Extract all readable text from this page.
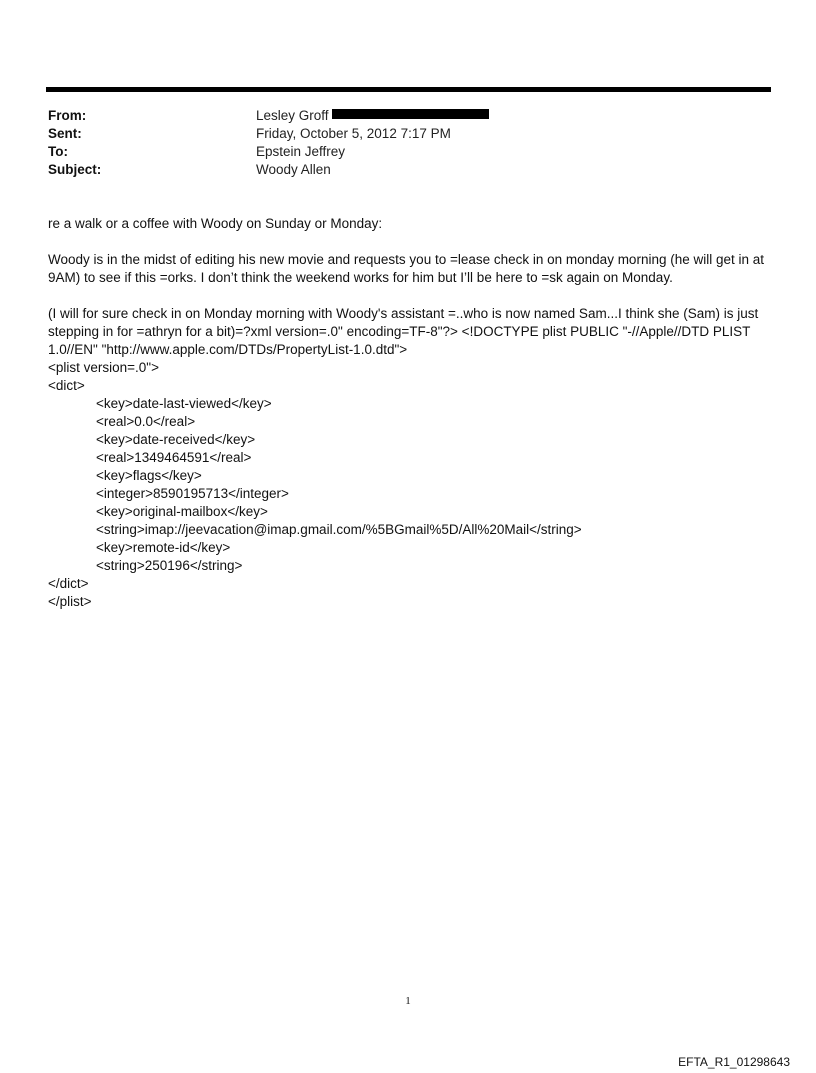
From:	Lesley Groff
Sent:	Friday, October 5, 2012 7:17 PM
To:	Epstein Jeffrey
Subject:	Woody Allen

re a walk or a coffee with Woody on Sunday or Monday:

Woody is in the midst of editing his new movie and requests you to =lease check in on monday morning (he will get in at 9AM) to see if this =orks. I don’t think the weekend works for him but I’ll be here to =sk again on Monday.

(I will for sure check in on Monday morning with Woody's assistant =..who is now named Sam...I think she (Sam) is just stepping in for =athryn for a bit)=?xml version=.0" encoding=TF-8"?> <!DOCTYPE plist PUBLIC "-//Apple//DTD PLIST 1.0//EN" "http://www.apple.com/DTDs/PropertyList-1.0.dtd">
<plist version=.0">
<dict>
<key>date-last-viewed</key>
<real>0.0</real>
<key>date-received</key>
<real>1349464591</real>
<key>flags</key>
<integer>8590195713</integer>
<key>original-mailbox</key>
<string>imap://jeevacation@imap.gmail.com/%5BGmail%5D/All%20Mail</string>
<key>remote-id</key>
<string>250196</string>
</dict>
</plist>
1
EFTA_R1_01298643
